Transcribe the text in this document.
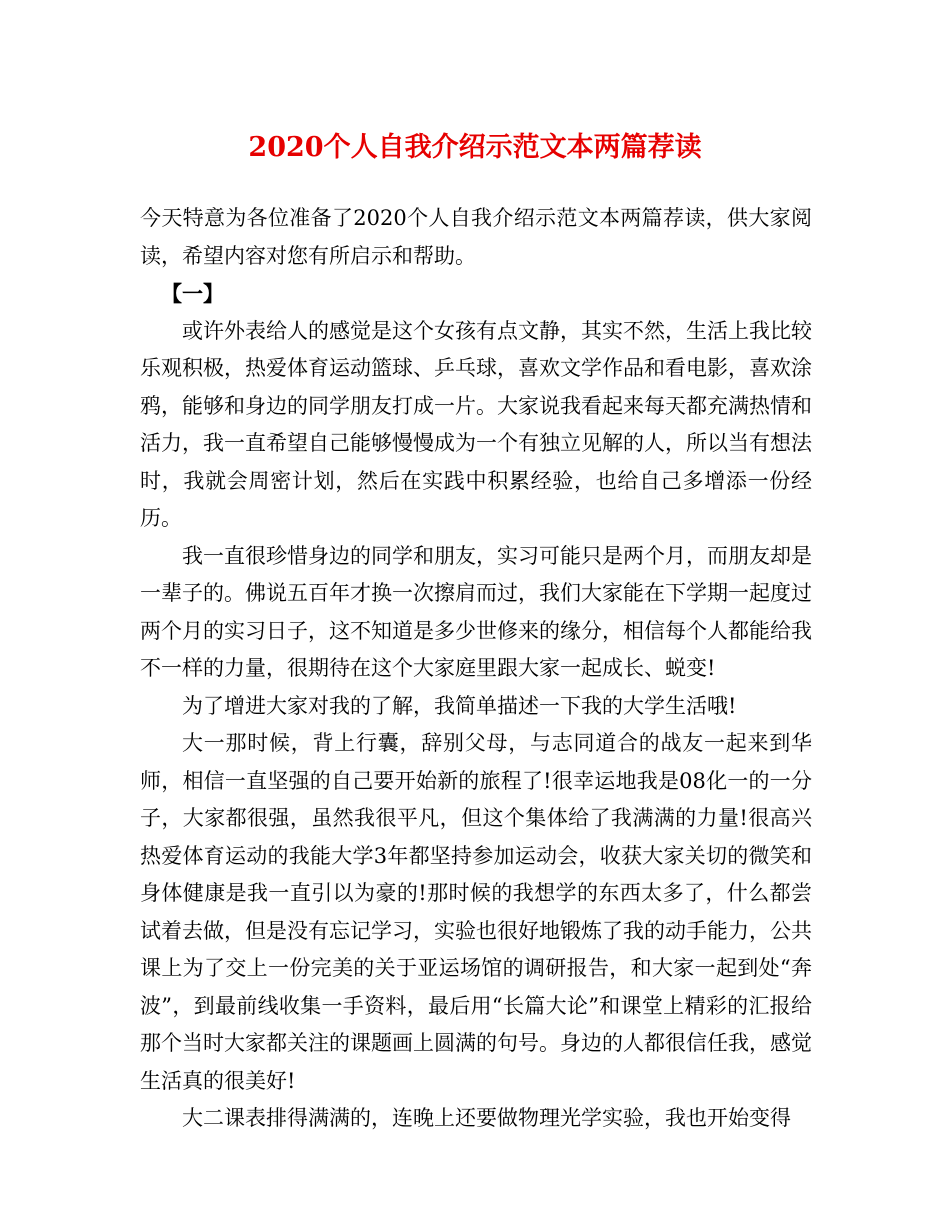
2020个人自我介绍示范文本两篇荐读

今天特意为各位准备了2020个人自我介绍示范文本两篇荐读，供大家阅读，希望内容对您有所启示和帮助。

【一】

或许外表给人的感觉是这个女孩有点文静，其实不然，生活上我比较乐观积极，热爱体育运动篮球、乒乓球，喜欢文学作品和看电影，喜欢涂鸦，能够和身边的同学朋友打成一片。大家说我看起来每天都充满热情和活力，我一直希望自己能够慢慢成为一个有独立见解的人，所以当有想法时，我就会周密计划，然后在实践中积累经验，也给自己多增添一份经历。

我一直很珍惜身边的同学和朋友，实习可能只是两个月，而朋友却是一辈子的。佛说五百年才换一次擦肩而过，我们大家能在下学期一起度过两个月的实习日子，这不知道是多少世修来的缘分，相信每个人都能给我不一样的力量，很期待在这个大家庭里跟大家一起成长、蜕变!

为了增进大家对我的了解，我简单描述一下我的大学生活哦!

大一那时候，背上行囊，辞别父母，与志同道合的战友一起来到华师，相信一直坚强的自己要开始新的旅程了!很幸运地我是08化一的一分子，大家都很强，虽然我很平凡，但这个集体给了我满满的力量!很高兴热爱体育运动的我能大学3年都坚持参加运动会，收获大家关切的微笑和身体健康是我一直引以为豪的!那时候的我想学的东西太多了，什么都尝试着去做，但是没有忘记学习，实验也很好地锻炼了我的动手能力，公共课上为了交上一份完美的关于亚运场馆的调研报告，和大家一起到处“奔波”，到最前线收集一手资料，最后用“长篇大论”和课堂上精彩的汇报给那个当时大家都关注的课题画上圆满的句号。身边的人都很信任我，感觉生活真的很美好!

大二课表排得满满的，连晚上还要做物理光学实验，我也开始变得
